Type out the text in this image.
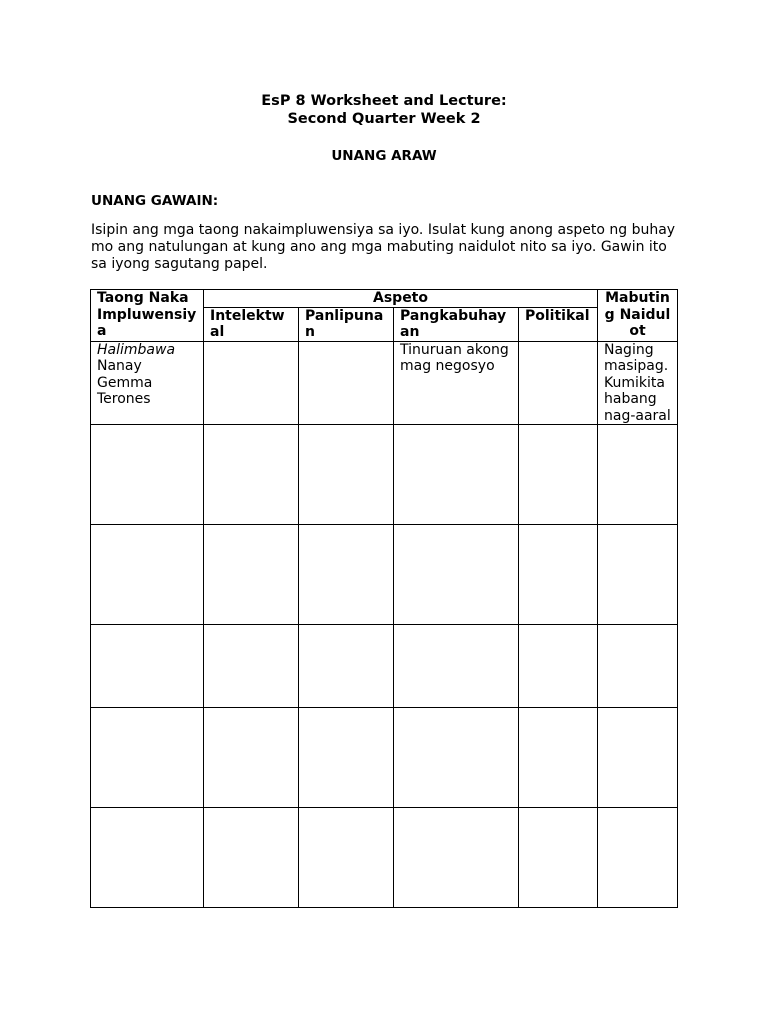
EsP 8 Worksheet and Lecture:
Second Quarter Week 2
UNANG ARAW
UNANG GAWAIN:
Isipin ang mga taong nakaimpluwensiya sa iyo. Isulat kung anong aspeto ng buhay mo ang natulungan at kung ano ang mga mabuting naidulot nito sa iyo. Gawin ito sa iyong sagutang papel.
Taong Naka Impluwensiya	Aspeto				Mabuting Naidulot
	Intelektwal	Panlipunan	Pangkabuhayan	Politikal	

Halimbawa
Nanay Gemma Terones			Tinuruan akong mag negosyo		Naging masipag. Kumikita habang nag-aaral
